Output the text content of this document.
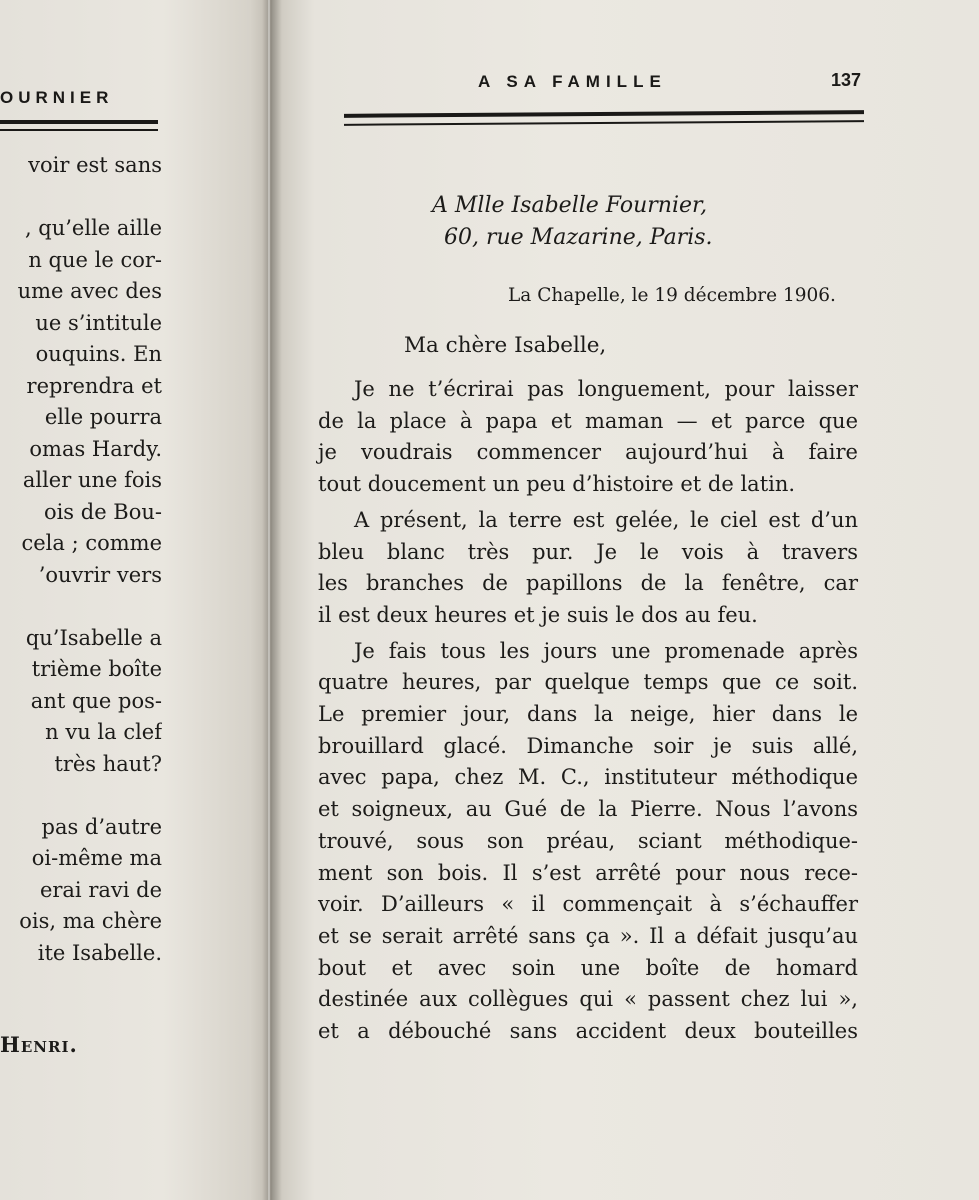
OURNIER
voir est sans
, qu’elle aille
n que le cor-
ume avec des
ue s’intitule
ouquins. En
reprendra et
elle pourra
omas Hardy.
aller une fois
ois de Bou-
cela ; comme
’ouvrir vers
qu’Isabelle a
trième boîte
ant que pos-
n vu la clef
très haut?
pas d’autre
oi-même ma
erai ravi de
ois, ma chère
ite Isabelle.
Henri.
A SA FAMILLE	137
A Mlle Isabelle Fournier,
60, rue Mazarine, Paris.
La Chapelle, le 19 décembre 1906.
Ma chère Isabelle,
Je ne t’écrirai pas longuement, pour laisser
de la place à papa et maman — et parce que
je voudrais commencer aujourd’hui à faire
tout doucement un peu d’histoire et de latin.
A présent, la terre est gelée, le ciel est d’un
bleu blanc très pur. Je le vois à travers
les branches de papillons de la fenêtre, car
il est deux heures et je suis le dos au feu.
Je fais tous les jours une promenade après
quatre heures, par quelque temps que ce soit.
Le premier jour, dans la neige, hier dans le
brouillard glacé. Dimanche soir je suis allé,
avec papa, chez M. C., instituteur méthodique
et soigneux, au Gué de la Pierre. Nous l’avons
trouvé, sous son préau, sciant méthodique-
ment son bois. Il s’est arrêté pour nous rece-
voir. D’ailleurs « il commençait à s’échauffer
et se serait arrêté sans ça ». Il a défait jusqu’au
bout et avec soin une boîte de homard
destinée aux collègues qui « passent chez lui »,
et a débouché sans accident deux bouteilles
